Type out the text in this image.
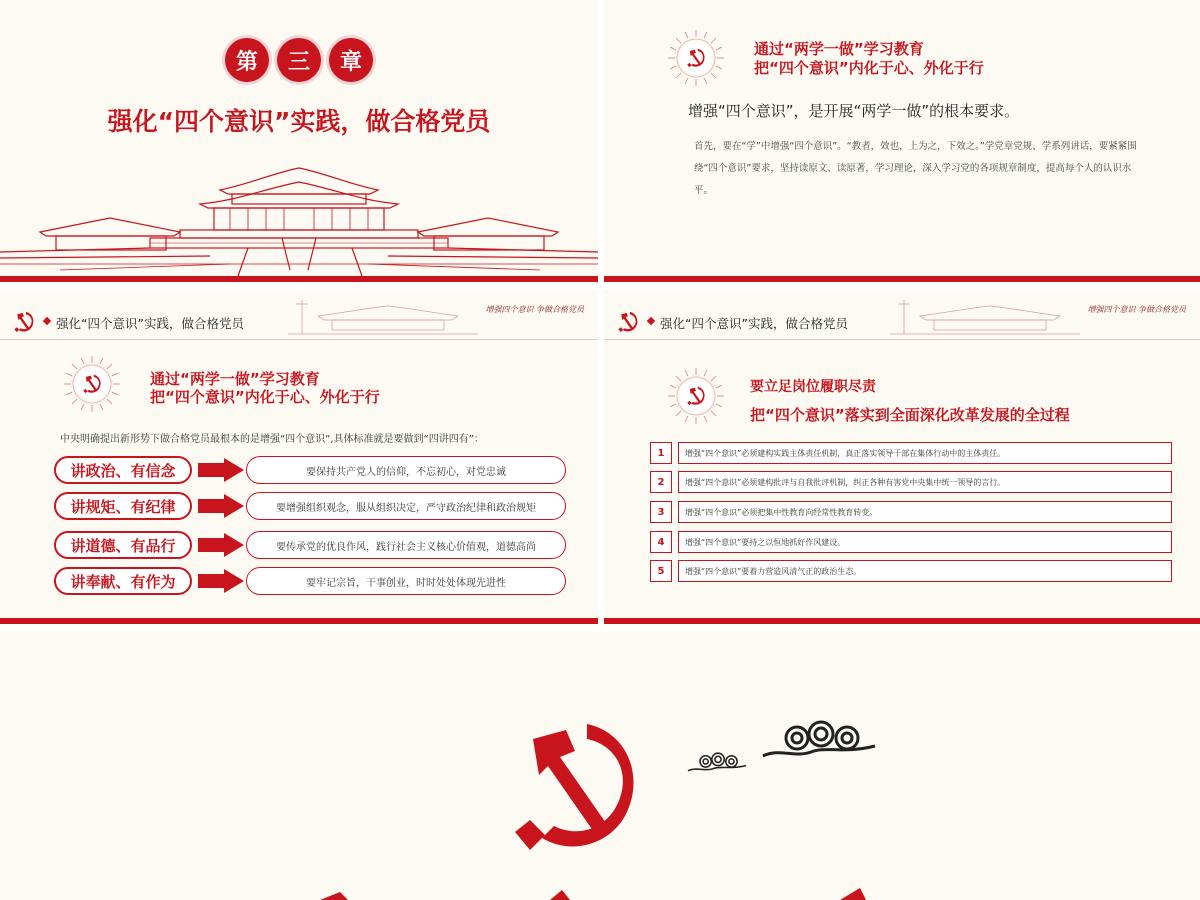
第	三	章
强化“四个意识”实践，做合格党员
通过“两学一做”学习教育
把“四个意识”内化于心、外化于行
增强“四个意识”，是开展“两学一做”的根本要求。
首先，要在“学”中增强“四个意识”。“教者，效也，上为之，下效之。”学党章党规、学系列讲话，要紧紧围绕“四个意识”要求，坚持读原文、读原著，学习理论，深入学习党的各项规章制度，提高每个人的认识水平。
强化“四个意识”实践，做合格党员
增强四个意识 争做合格党员
通过“两学一做”学习教育
把“四个意识”内化于心、外化于行
中央明确提出新形势下做合格党员最根本的是增强“四个意识”,具体标准就是要做到“四讲四有”：
讲政治、有信念	要保持共产党人的信仰，不忘初心，对党忠诚
讲规矩、有纪律	要增强组织观念，服从组织决定，严守政治纪律和政治规矩
讲道德、有品行	要传承党的优良作风，践行社会主义核心价值观，道德高尚
讲奉献、有作为	要牢记宗旨，干事创业，时时处处体现先进性
强化“四个意识”实践，做合格党员
增强四个意识 争做合格党员
要立足岗位履职尽责
把“四个意识”落实到全面深化改革发展的全过程
1	增强“四个意识”必须建构实践主体责任机制，真正落实领导干部在集体行动中的主体责任。
2	增强“四个意识”必须建构批评与自我批评机制，纠正各种有害党中央集中统一领导的言行。
3	增强“四个意识”必须把集中性教育向经常性教育转变。
4	增强“四个意识”要持之以恒地抓好作风建设。
5	增强“四个意识”要着力营造风清气正的政治生态。
